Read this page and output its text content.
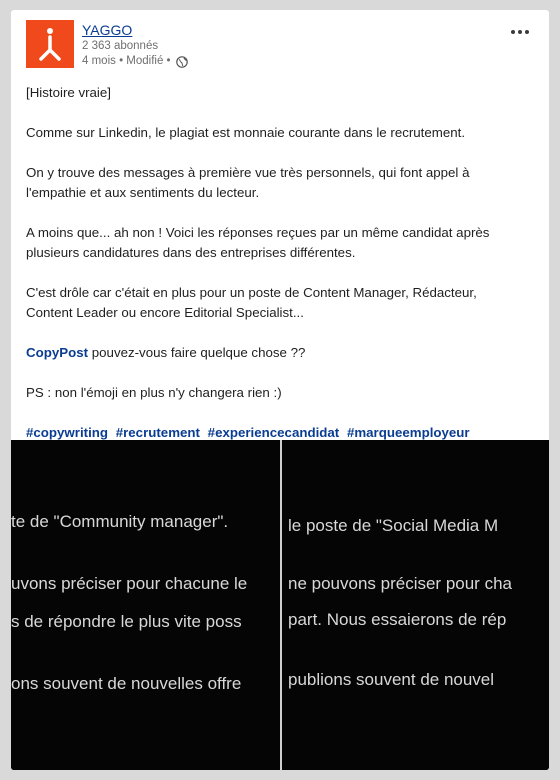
YAGGO
2 363 abonnés
4 mois • Modifié •

[Histoire vraie]

Comme sur Linkedin, le plagiat est monnaie courante dans le recrutement.

On y trouve des messages à première vue très personnels, qui font appel à l'empathie et aux sentiments du lecteur.

A moins que... ah non ! Voici les réponses reçues par un même candidat après plusieurs candidatures dans des entreprises différentes.

C'est drôle car c'était en plus pour un poste de Content Manager, Rédacteur, Content Leader ou encore Editorial Specialist...

CopyPost pouvez-vous faire quelque chose ??

PS : non l'émoji en plus n'y changera rien :)

#copywriting #recrutement #experiencecandidat #marqueemployeur

te de "Community manager".
uvons préciser pour chacune le
s de répondre le plus vite poss
ons souvent de nouvelles offre
le poste de "Social Media M
ne pouvons préciser pour cha
part. Nous essaierons de rép
publions souvent de nouvel
